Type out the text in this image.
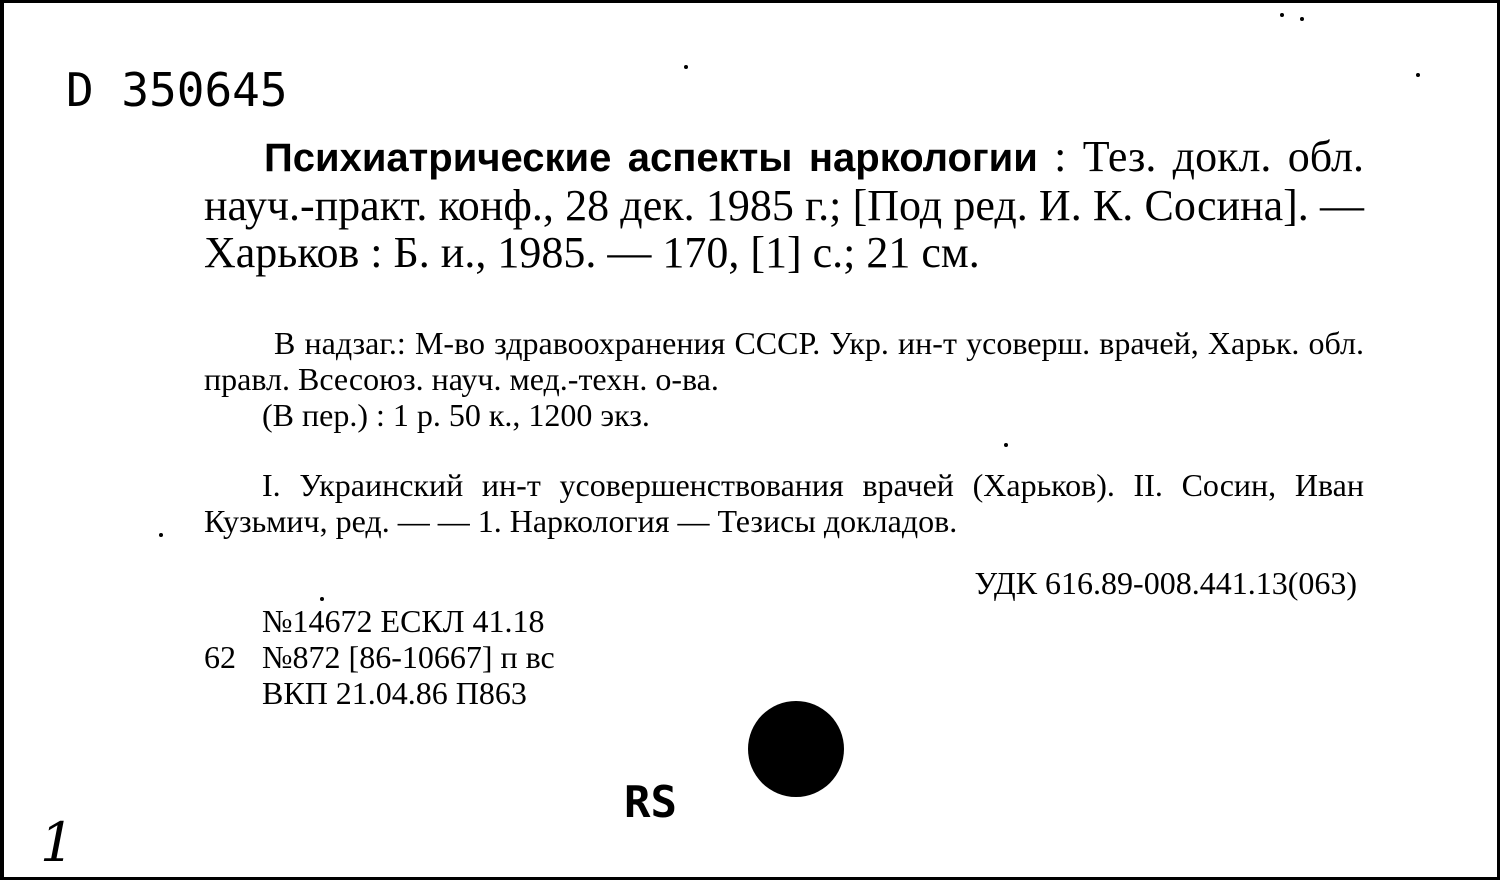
D 350645
Психиатрические аспекты наркологии : Тез. докл. обл. науч.-практ. конф., 28 дек. 1985 г.; [Под ред. И. К. Сосина]. — Харьков : Б. и., 1985. — 170, [1] с.; 21 см.
В надзаг.: М-во здравоохранения СССР. Укр. ин-т усоверш. врачей, Харьк. обл. правл. Всесоюз. науч. мед.-техн. о-ва.
(В пер.) : 1 р. 50 к., 1200 экз.
I. Украинский ин-т усовершенствования врачей (Харьков). II. Сосин, Иван Кузьмич, ред. — — 1. Наркология — Тезисы докладов.
УДК 616.89-008.441.13(063)
№14672 ЕСКЛ 41.18
62 №872 [86-10667] п вс
ВКП 21.04.86 П863
RS
1
